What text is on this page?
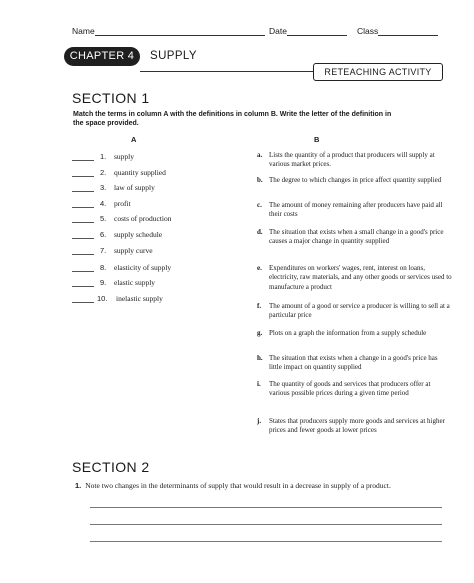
Name	Date	Class
CHAPTER 4	SUPPLY
RETEACHING ACTIVITY
SECTION 1
Match the terms in column A with the definitions in column B. Write the letter of the definition in the space provided.
A	B
1. supply
2. quantity supplied
3. law of supply
4. profit
5. costs of production
6. supply schedule
7. supply curve
8. elasticity of supply
9. elastic supply
10. inelastic supply
a. Lists the quantity of a product that producers will supply at various market prices.
b. The degree to which changes in price affect quantity supplied
c. The amount of money remaining after producers have paid all their costs
d. The situation that exists when a small change in a good's price causes a major change in quantity supplied
e. Expenditures on workers' wages, rent, interest on loans, electricity, raw materials, and any other goods or services used to manufacture a product
f. The amount of a good or service a producer is willing to sell at a particular price
g. Plots on a graph the information from a supply schedule
h. The situation that exists when a change in a good's price has little impact on quantity supplied
i. The quantity of goods and services that producers offer at various possible prices during a given time period
j. States that producers supply more goods and services at higher prices and fewer goods at lower prices
SECTION 2
1. Note two changes in the determinants of supply that would result in a decrease in supply of a product.
